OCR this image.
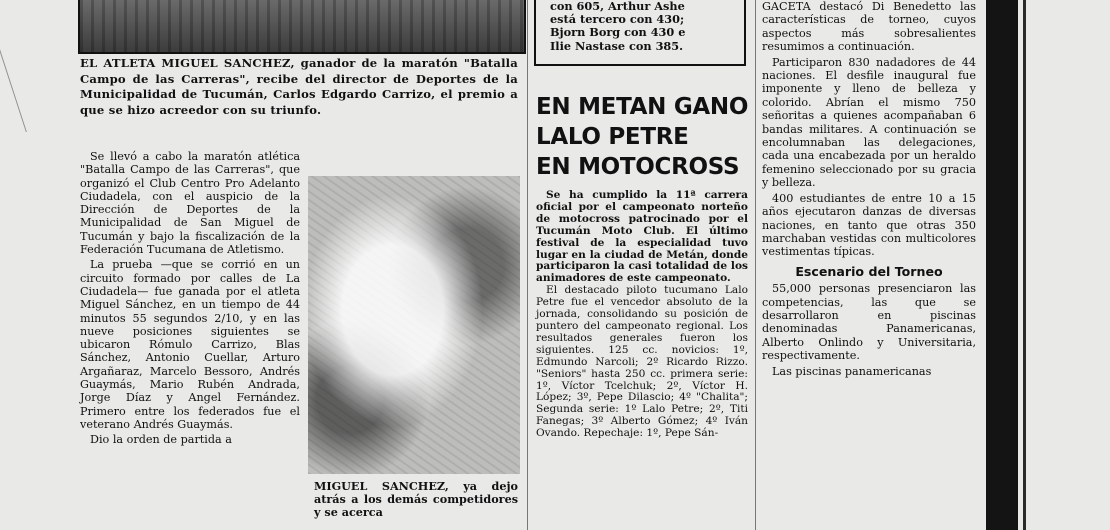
EL ATLETA MIGUEL SANCHEZ, ganador de la maratón "Batalla Campo de las Carreras", recibe del director de Deportes de la Municipalidad de Tucumán, Carlos Edgardo Carrizo, el premio a que se hizo acreedor con su triunfo.

Se llevó a cabo la maratón atlética "Batalla Campo de las Carreras", que organizó el Club Centro Pro Adelanto Ciudadela, con el auspicio de la Dirección de Deportes de la Municipalidad de San Miguel de Tucumán y bajo la fiscalización de la Federación Tucumana de Atletismo.

La prueba —que se corrió en un circuito formado por calles de La Ciudadela— fue ganada por el atleta Miguel Sánchez, en un tiempo de 44 minutos 55 segundos 2/10, y en las nueve posiciones siguientes se ubicaron Rómulo Carrizo, Blas Sánchez, Antonio Cuellar, Arturo Argañaraz, Marcelo Bessoro, Andrés Guaymás, Mario Rubén Andrada, Jorge Díaz y Angel Fernández. Primero entre los federados fue el veterano Andrés Guaymás.

Dio la orden de partida a

MIGUEL SANCHEZ, ya dejo atrás a los demás competidores y se acerca
con 605, Arthur Ashe
está tercero con 430;
Bjorn Borg con 430 e
Ilie Nastase con 385.
EN METAN GANO
LALO PETRE
EN MOTOCROSS

Se ha cumplido la 11ª carrera oficial por el campeonato norteño de motocross patrocinado por el Tucumán Moto Club. El último festival de la especialidad tuvo lugar en la ciudad de Metán, donde participaron la casi totalidad de los animadores de este campeonato.

El destacado piloto tucumano Lalo Petre fue el vencedor absoluto de la jornada, consolidando su posición de puntero del campeonato regional. Los resultados generales fueron los siguientes. 125 cc. novicios: 1º, Edmundo Narcoli; 2º Ricardo Rizzo. "Seniors" hasta 250 cc. primera serie: 1º, Víctor Tcelchuk; 2º, Víctor H. López; 3º, Pepe Dilascio; 4º "Chalita"; Segunda serie: 1º Lalo Petre; 2º, Titi Fanegas; 3º Alberto Gómez; 4º Iván Ovando. Repechaje: 1º, Pepe Sán-

GACETA destacó Di Benedetto las características de torneo, cuyos aspectos más sobresalientes resumimos a continuación.

Participaron 830 nadadores de 44 naciones. El desfile inaugural fue imponente y lleno de belleza y colorido. Abrían el mismo 750 señoritas a quienes acompañaban 6 bandas militares. A continuación se encolumnaban las delegaciones, cada una encabezada por un heraldo femenino seleccionado por su gracia y belleza.

400 estudiantes de entre 10 a 15 años ejecutaron danzas de diversas naciones, en tanto que otras 350 marchaban vestidas con multicolores vestimentas típicas.

Escenario del Torneo

55,000 personas presenciaron las competencias, las que se desarrollaron en piscinas denominadas Panamericanas, Alberto Onlindo y Universitaria, respectivamente.

Las piscinas panamericanas
